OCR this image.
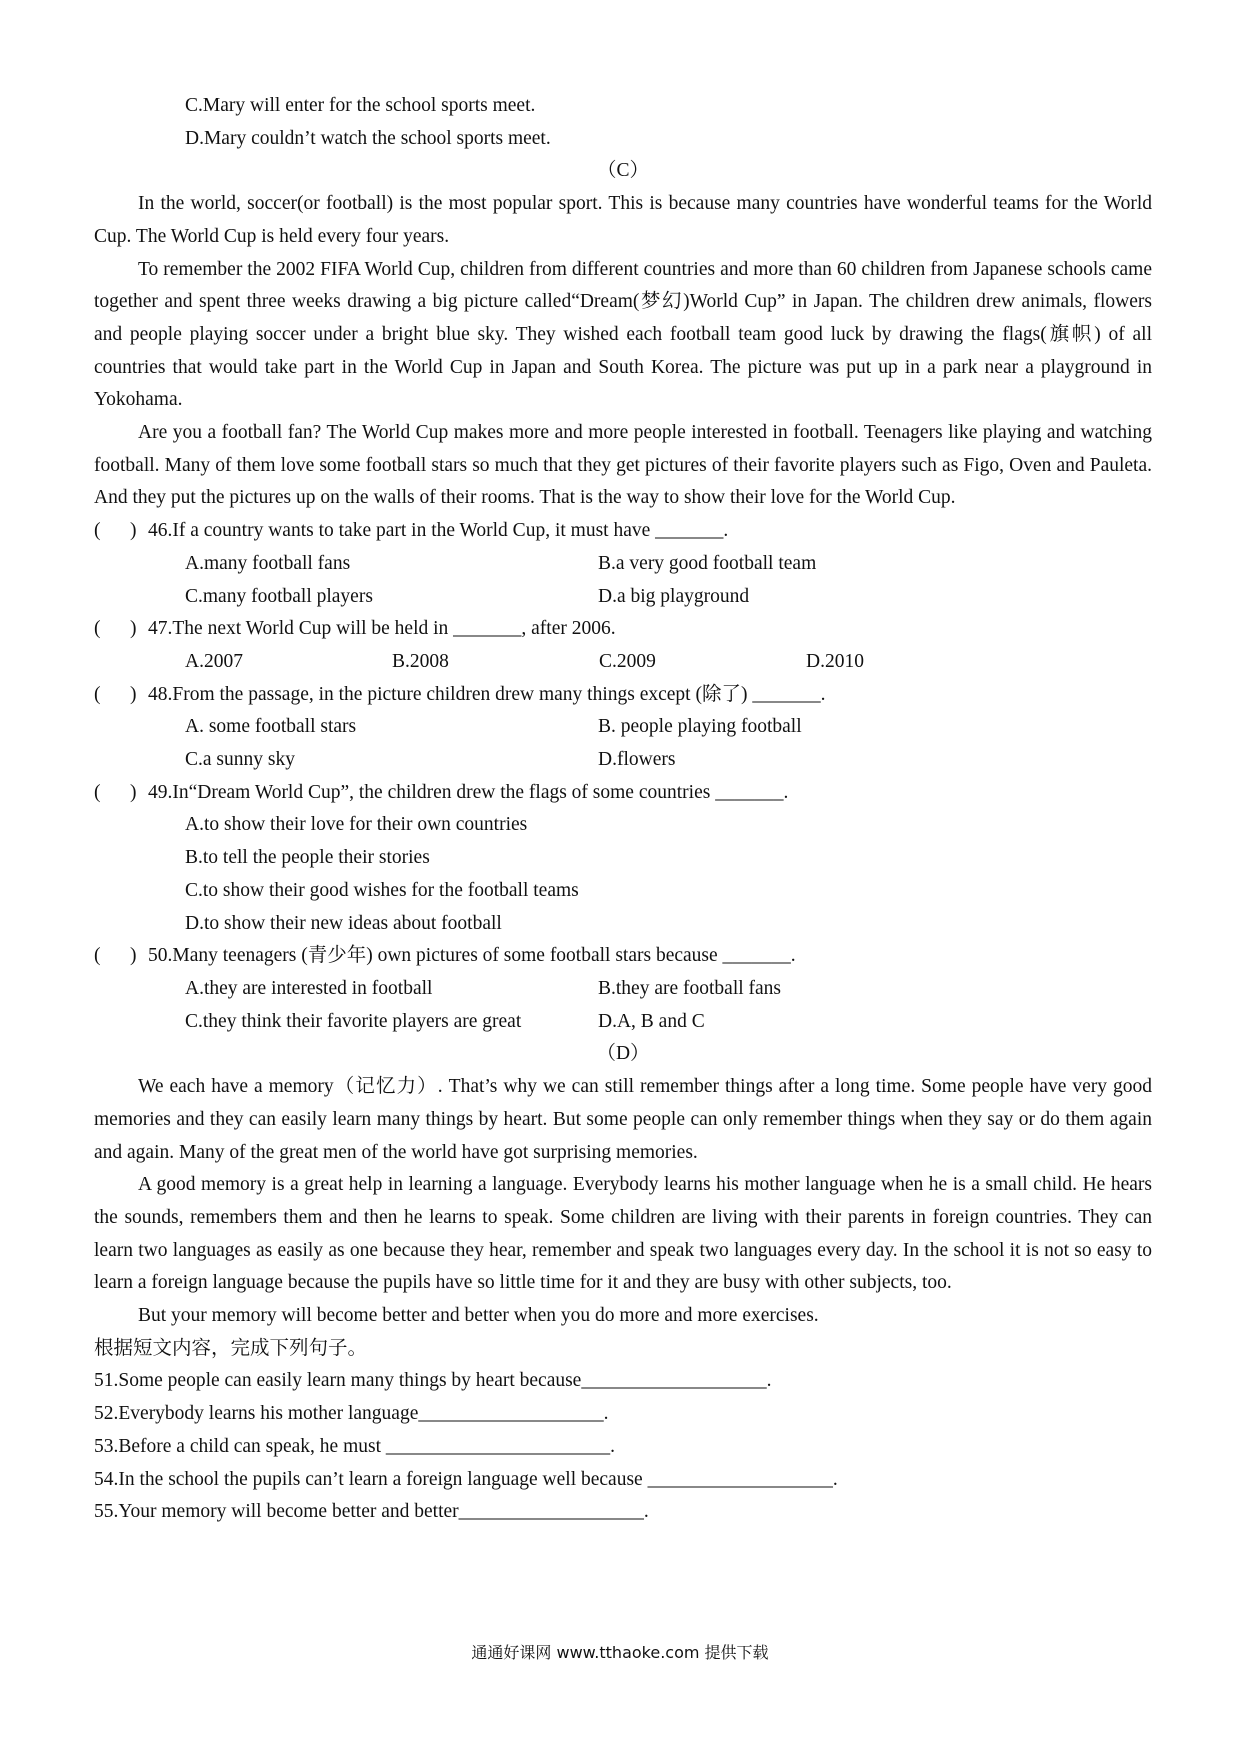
C.Mary will enter for the school sports meet.
D.Mary couldn’t watch the school sports meet.
（C）

In the world, soccer(or football) is the most popular sport. This is because many countries have wonderful teams for the World Cup. The World Cup is held every four years.

To remember the 2002 FIFA World Cup, children from different countries and more than 60 children from Japanese schools came together and spent three weeks drawing a big picture called“Dream(梦幻)World Cup” in Japan. The children drew animals, flowers and people playing soccer under a bright blue sky. They wished each football team good luck by drawing the flags(旗帜) of all countries that would take part in the World Cup in Japan and South Korea. The picture was put up in a park near a playground in Yokohama.

Are you a football fan? The World Cup makes more and more people interested in football. Teenagers like playing and watching football. Many of them love some football stars so much that they get pictures of their favorite players such as Figo, Oven and Pauleta. And they put the pictures up on the walls of their rooms. That is the way to show their love for the World Cup.

(	) 46.If a country wants to take part in the World Cup, it must have _______.
A.many football fans	B.a very good football team
C.many football players	D.a big playground
(	) 47.The next World Cup will be held in _______, after 2006.
A.2007	B.2008	C.2009	D.2010
(	) 48.From the passage, in the picture children drew many things except (除了) _______.
A. some football stars	B. people playing football
C.a sunny sky	D.flowers
(	) 49.In“Dream World Cup”, the children drew the flags of some countries _______.
A.to show their love for their own countries
B.to tell the people their stories
C.to show their good wishes for the football teams
D.to show their new ideas about football
(	) 50.Many teenagers (青少年) own pictures of some football stars because _______.
A.they are interested in football	B.they are football fans
C.they think their favorite players are great	D.A, B and C
（D）

We each have a memory（记忆力）. That’s why we can still remember things after a long time. Some people have very good memories and they can easily learn many things by heart. But some people can only remember things when they say or do them again and again. Many of the great men of the world have got surprising memories.

A good memory is a great help in learning a language. Everybody learns his mother language when he is a small child. He hears the sounds, remembers them and then he learns to speak. Some children are living with their parents in foreign countries. They can learn two languages as easily as one because they hear, remember and speak two languages every day. In the school it is not so easy to learn a foreign language because the pupils have so little time for it and they are busy with other subjects, too.

But your memory will become better and better when you do more and more exercises.

根据短文内容，完成下列句子。
51.Some people can easily learn many things by heart because___________________.
52.Everybody learns his mother language___________________.
53.Before a child can speak, he must _______________________.
54.In the school the pupils can’t learn a foreign language well because ___________________.
55.Your memory will become better and better___________________.
通通好课网 www.tthaoke.com 提供下载
